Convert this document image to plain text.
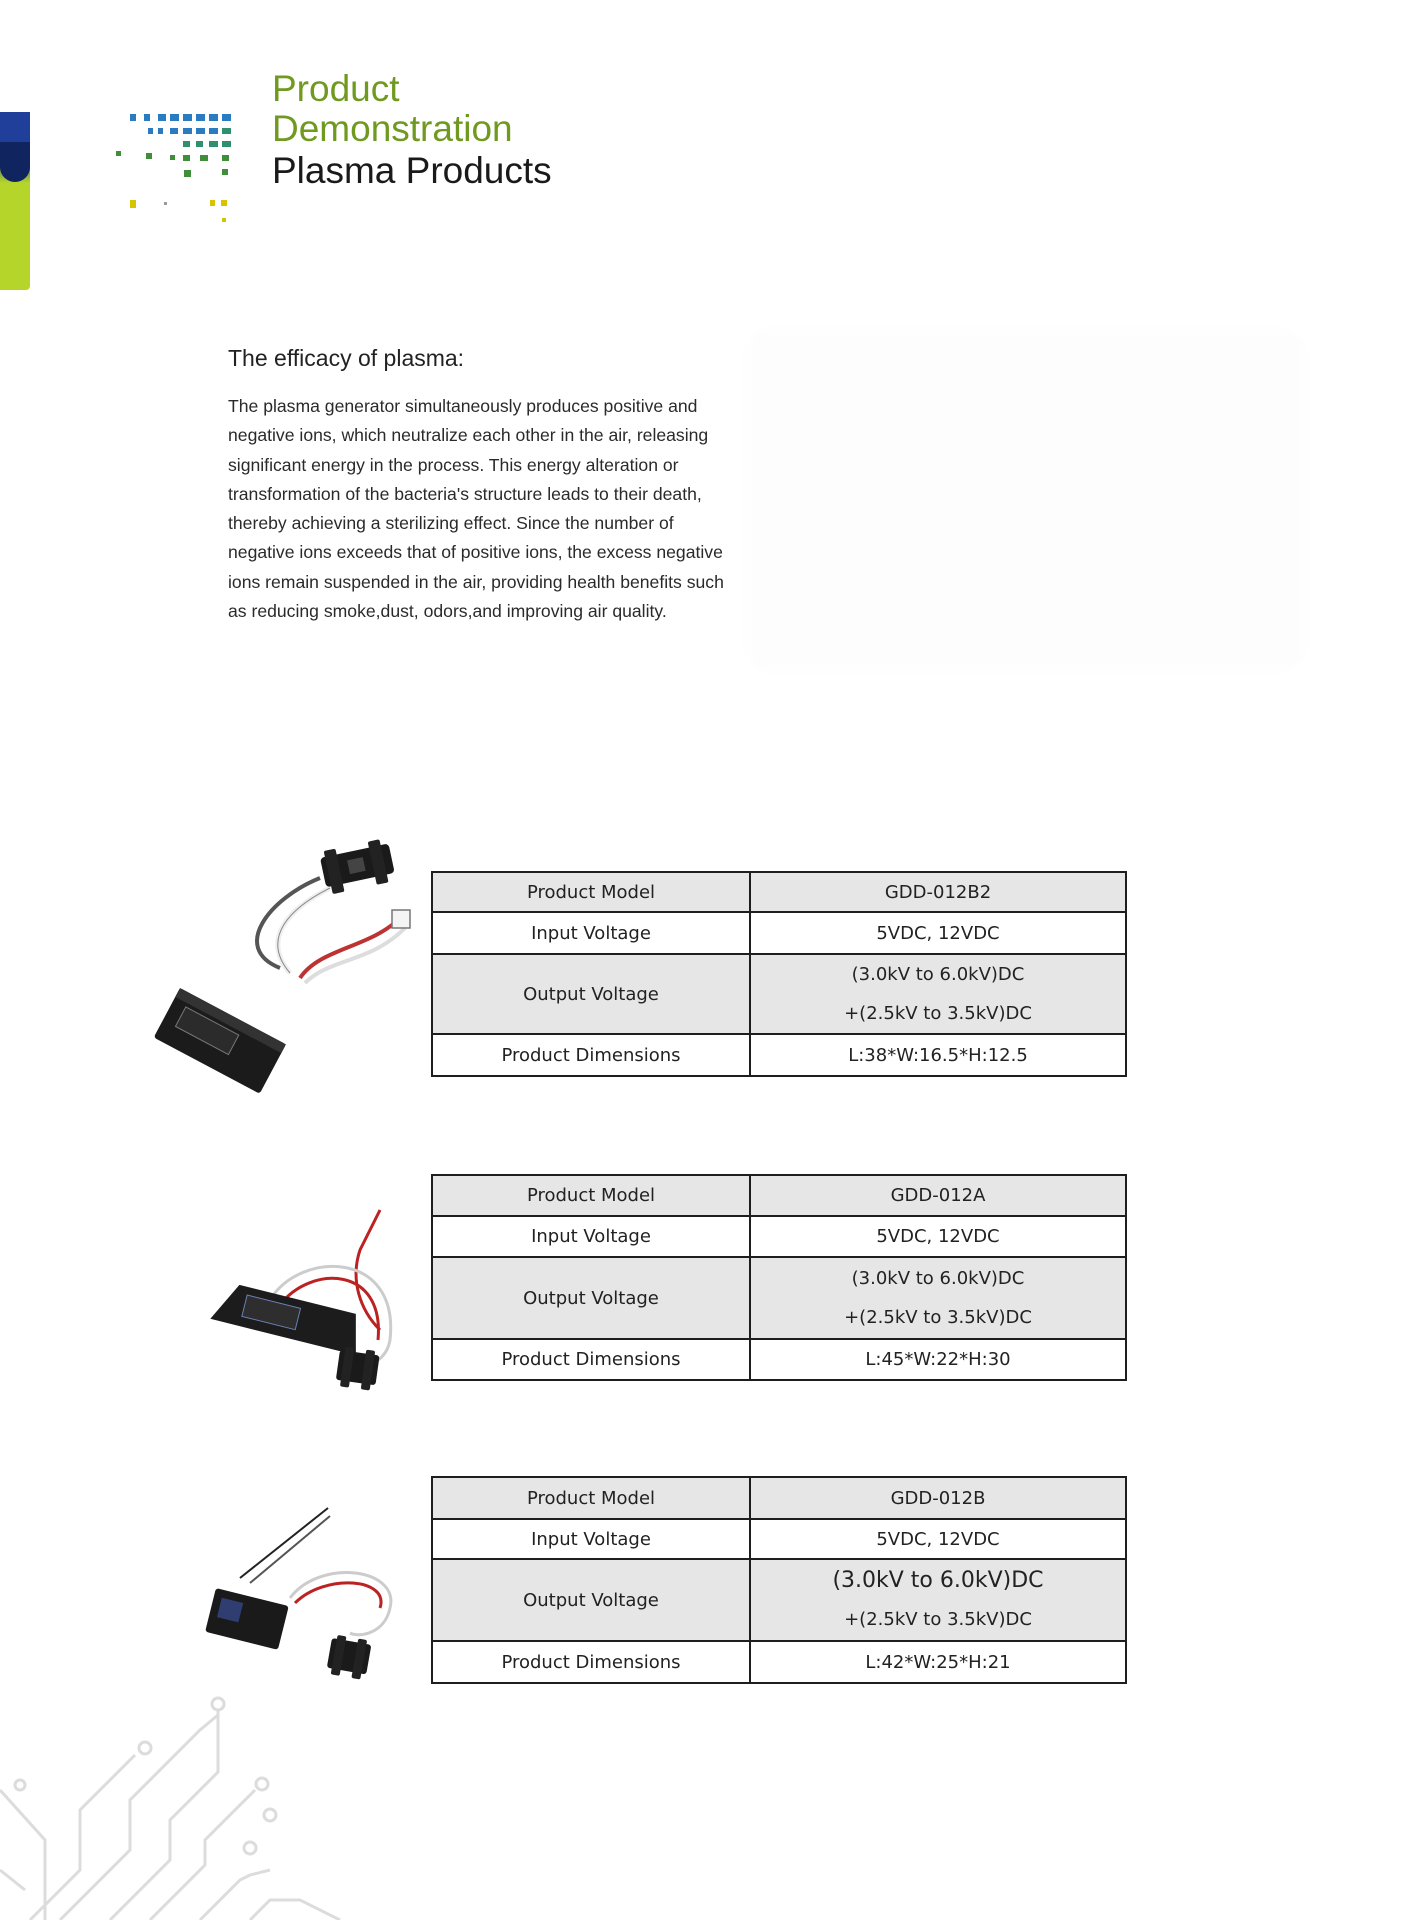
Product
Demonstration
Plasma Products
The efficacy of plasma:
The plasma generator simultaneously produces positive and
negative ions, which neutralize each other in the air, releasing
significant energy in the process. This energy alteration or
transformation of the bacteria's structure leads to their death,
thereby achieving a sterilizing effect. Since the number of
negative ions exceeds that of positive ions, the excess negative
ions remain suspended in the air, providing health benefits such
as reducing smoke,dust, odors,and improving air quality.
Product Model	GDD-012B2
Input Voltage	5VDC, 12VDC
Output Voltage	(3.0kV to 6.0kV)DC
+(2.5kV to 3.5kV)DC

Product Dimensions	L:38*W:16.5*H:12.5
Product Model	GDD-012A
Input Voltage	5VDC, 12VDC
Output Voltage	(3.0kV to 6.0kV)DC
+(2.5kV to 3.5kV)DC

Product Dimensions	L:45*W:22*H:30
Product Model	GDD-012B
Input Voltage	5VDC, 12VDC
Output Voltage	(3.0kV to 6.0kV)DC
+(2.5kV to 3.5kV)DC

Product Dimensions	L:42*W:25*H:21
